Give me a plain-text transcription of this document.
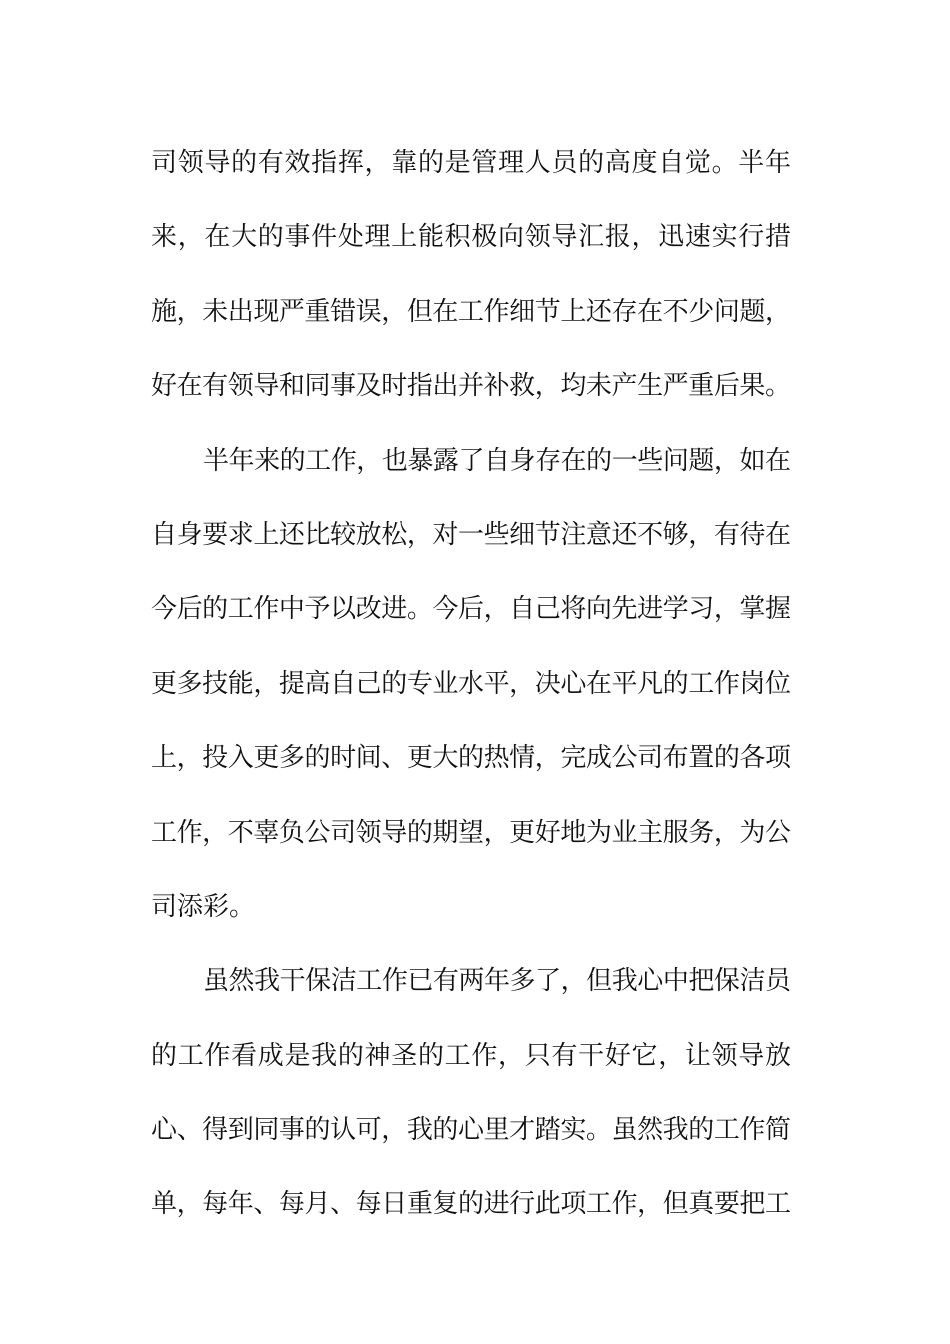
司领导的有效指挥，靠的是管理人员的高度自觉。半年
来，在大的事件处理上能积极向领导汇报，迅速实行措
施，未出现严重错误，但在工作细节上还存在不少问题，
好在有领导和同事及时指出并补救，均未产生严重后果。
半年来的工作，也暴露了自身存在的一些问题，如在
自身要求上还比较放松，对一些细节注意还不够，有待在
今后的工作中予以改进。今后，自己将向先进学习，掌握
更多技能，提高自己的专业水平，决心在平凡的工作岗位
上，投入更多的时间、更大的热情，完成公司布置的各项
工作，不辜负公司领导的期望，更好地为业主服务，为公
司添彩。
虽然我干保洁工作已有两年多了，但我心中把保洁员
的工作看成是我的神圣的工作，只有干好它，让领导放
心、得到同事的认可，我的心里才踏实。虽然我的工作简
单，每年、每月、每日重复的进行此项工作，但真要把工
